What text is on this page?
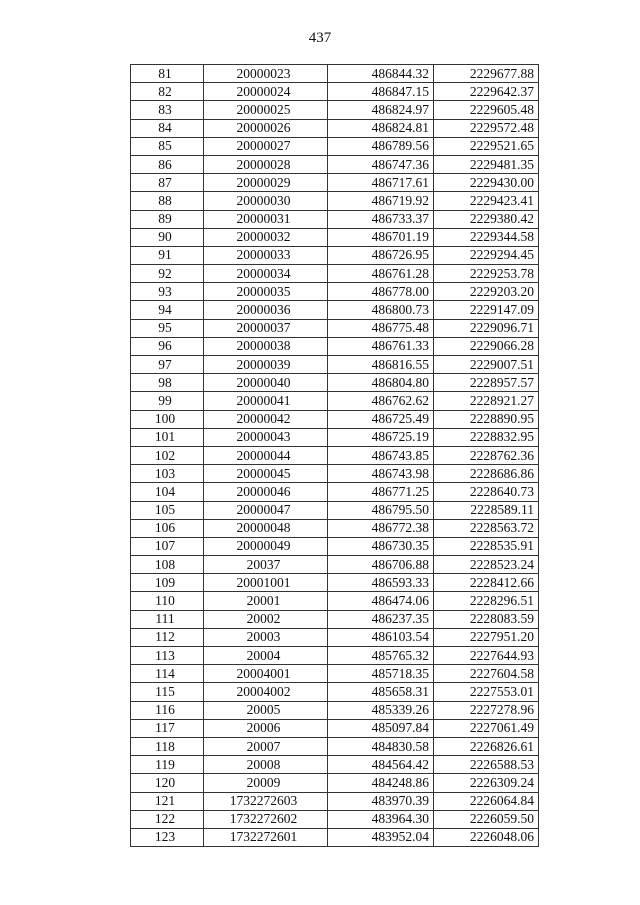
437
81	20000023	486844.32	2229677.88
82	20000024	486847.15	2229642.37
83	20000025	486824.97	2229605.48
84	20000026	486824.81	2229572.48
85	20000027	486789.56	2229521.65
86	20000028	486747.36	2229481.35
87	20000029	486717.61	2229430.00
88	20000030	486719.92	2229423.41
89	20000031	486733.37	2229380.42
90	20000032	486701.19	2229344.58
91	20000033	486726.95	2229294.45
92	20000034	486761.28	2229253.78
93	20000035	486778.00	2229203.20
94	20000036	486800.73	2229147.09
95	20000037	486775.48	2229096.71
96	20000038	486761.33	2229066.28
97	20000039	486816.55	2229007.51
98	20000040	486804.80	2228957.57
99	20000041	486762.62	2228921.27
100	20000042	486725.49	2228890.95
101	20000043	486725.19	2228832.95
102	20000044	486743.85	2228762.36
103	20000045	486743.98	2228686.86
104	20000046	486771.25	2228640.73
105	20000047	486795.50	2228589.11
106	20000048	486772.38	2228563.72
107	20000049	486730.35	2228535.91
108	20037	486706.88	2228523.24
109	20001001	486593.33	2228412.66
110	20001	486474.06	2228296.51
111	20002	486237.35	2228083.59
112	20003	486103.54	2227951.20
113	20004	485765.32	2227644.93
114	20004001	485718.35	2227604.58
115	20004002	485658.31	2227553.01
116	20005	485339.26	2227278.96
117	20006	485097.84	2227061.49
118	20007	484830.58	2226826.61
119	20008	484564.42	2226588.53
120	20009	484248.86	2226309.24
121	1732272603	483970.39	2226064.84
122	1732272602	483964.30	2226059.50
123	1732272601	483952.04	2226048.06
